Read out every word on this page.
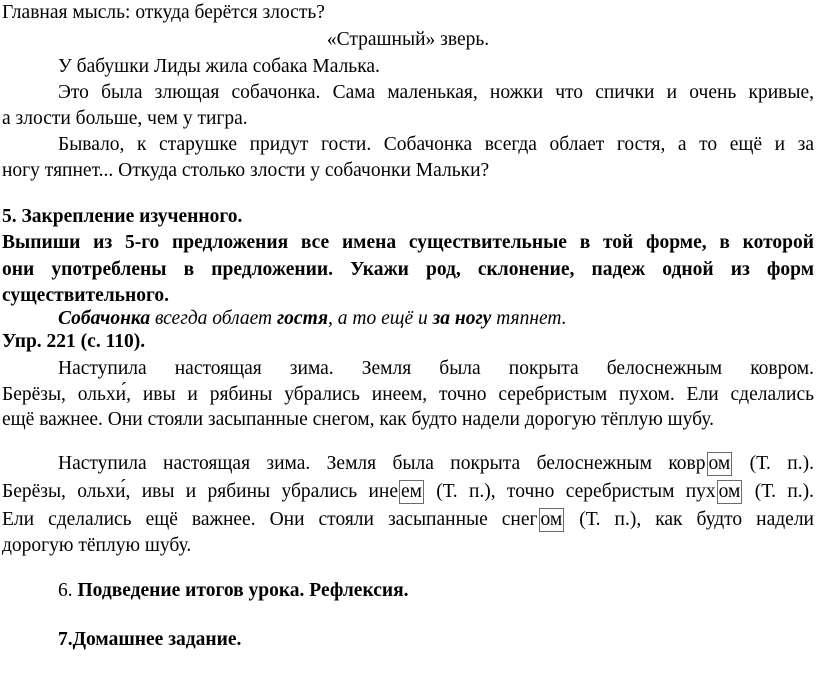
Главная мысль: откуда берётся злость?
«Страшный» зверь.
У бабушки Лиды жила собака Малька.
Это была злющая собачонка. Сама маленькая, ножки что спички и очень кривые,
а злости больше, чем у тигра.
Бывало, к старушке придут гости. Собачонка всегда облает гостя, а то ещё и за
ногу тяпнет... Откуда столько злости у собачонки Мальки?
5. Закрепление изученного.
Выпиши из 5-го предложения все имена существительные в той форме, в которой
они употреблены в предложении. Укажи род, склонение, падеж одной из форм
существительного.
Собачонка всегда облает гостя, а то ещё и за ногу тяпнет.
Упр. 221 (с. 110).
Наступила настоящая зима. Земля была покрыта белоснежным ковром.
Берёзы, ольхи́, ивы и рябины убрались инеем, точно серебристым пухом. Ели сделались
ещё важнее. Они стояли засыпанные снегом, как будто надели дорогую тёплую шубу.
Наступила настоящая зима. Земля была покрыта белоснежным ковр ом (Т. п.).
Берёзы, ольхи́, ивы и рябины убрались ине ем (Т. п.), точно серебристым пух ом (Т. п.).
Ели сделались ещё важнее. Они стояли засыпанные снег ом (Т. п.), как будто надели
дорогую тёплую шубу.
6. Подведение итогов урока. Рефлексия.
7.Домашнее задание.
